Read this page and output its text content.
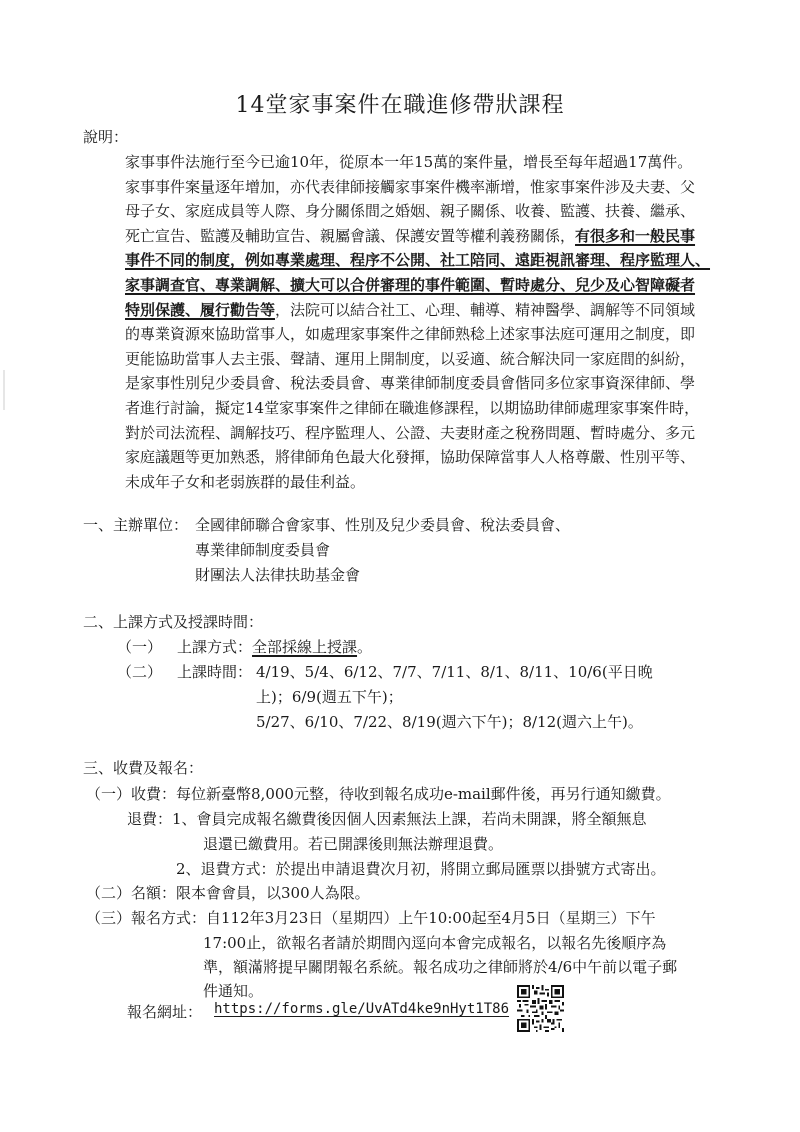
14堂家事案件在職進修帶狀課程
說明：
家事事件法施行至今已逾10年，從原本一年15萬的案件量，增長至每年超過17萬件。
家事事件案量逐年增加，亦代表律師接觸家事案件機率漸增，惟家事案件涉及夫妻、父
母子女、家庭成員等人際、身分關係間之婚姻、親子關係、收養、監護、扶養、繼承、
死亡宣告、監護及輔助宣告、親屬會議、保護安置等權利義務關係，有很多和一般民事
事件不同的制度，例如專業處理、程序不公開、社工陪同、遠距視訊審理、程序監理人、
家事調查官、專業調解、擴大可以合併審理的事件範圍、暫時處分、兒少及心智障礙者
特別保護、履行勸告等，法院可以結合社工、心理、輔導、精神醫學、調解等不同領域
的專業資源來協助當事人，如處理家事案件之律師熟稔上述家事法庭可運用之制度，即
更能協助當事人去主張、聲請、運用上開制度，以妥適、統合解決同一家庭間的糾紛，
是家事性別兒少委員會、稅法委員會、專業律師制度委員會偕同多位家事資深律師、學
者進行討論，擬定14堂家事案件之律師在職進修課程，以期協助律師處理家事案件時，
對於司法流程、調解技巧、程序監理人、公證、夫妻財產之稅務問題、暫時處分、多元
家庭議題等更加熟悉，將律師角色最大化發揮，協助保障當事人人格尊嚴、性別平等、
未成年子女和老弱族群的最佳利益。
一、主辦單位： 全國律師聯合會家事、性別及兒少委員會、稅法委員會、
專業律師制度委員會
財團法人法律扶助基金會
二、上課方式及授課時間：
（一） 上課方式：全部採線上授課。
（二） 上課時間： 4/19、5/4、6/12、7/7、7/11、8/1、8/11、10/6(平日晚
上)；6/9(週五下午)；
5/27、6/10、7/22、8/19(週六下午)；8/12(週六上午)。
三、收費及報名：
（一）收費：每位新臺幣8,000元整，待收到報名成功e-mail郵件後，再另行通知繳費。
退費：1、會員完成報名繳費後因個人因素無法上課，若尚未開課，將全額無息
退還已繳費用。若已開課後則無法辦理退費。
2、退費方式：於提出申請退費次月初，將開立郵局匯票以掛號方式寄出。
（二）名額：限本會會員，以300人為限。
（三）報名方式：自112年3月23日（星期四）上午10:00起至4月5日（星期三）下午
17:00止，欲報名者請於期間內逕向本會完成報名，以報名先後順序為
準，額滿將提早關閉報名系統。報名成功之律師將於4/6中午前以電子郵
件通知。
報名網址： https://forms.gle/UvATd4ke9nHyt1T86
